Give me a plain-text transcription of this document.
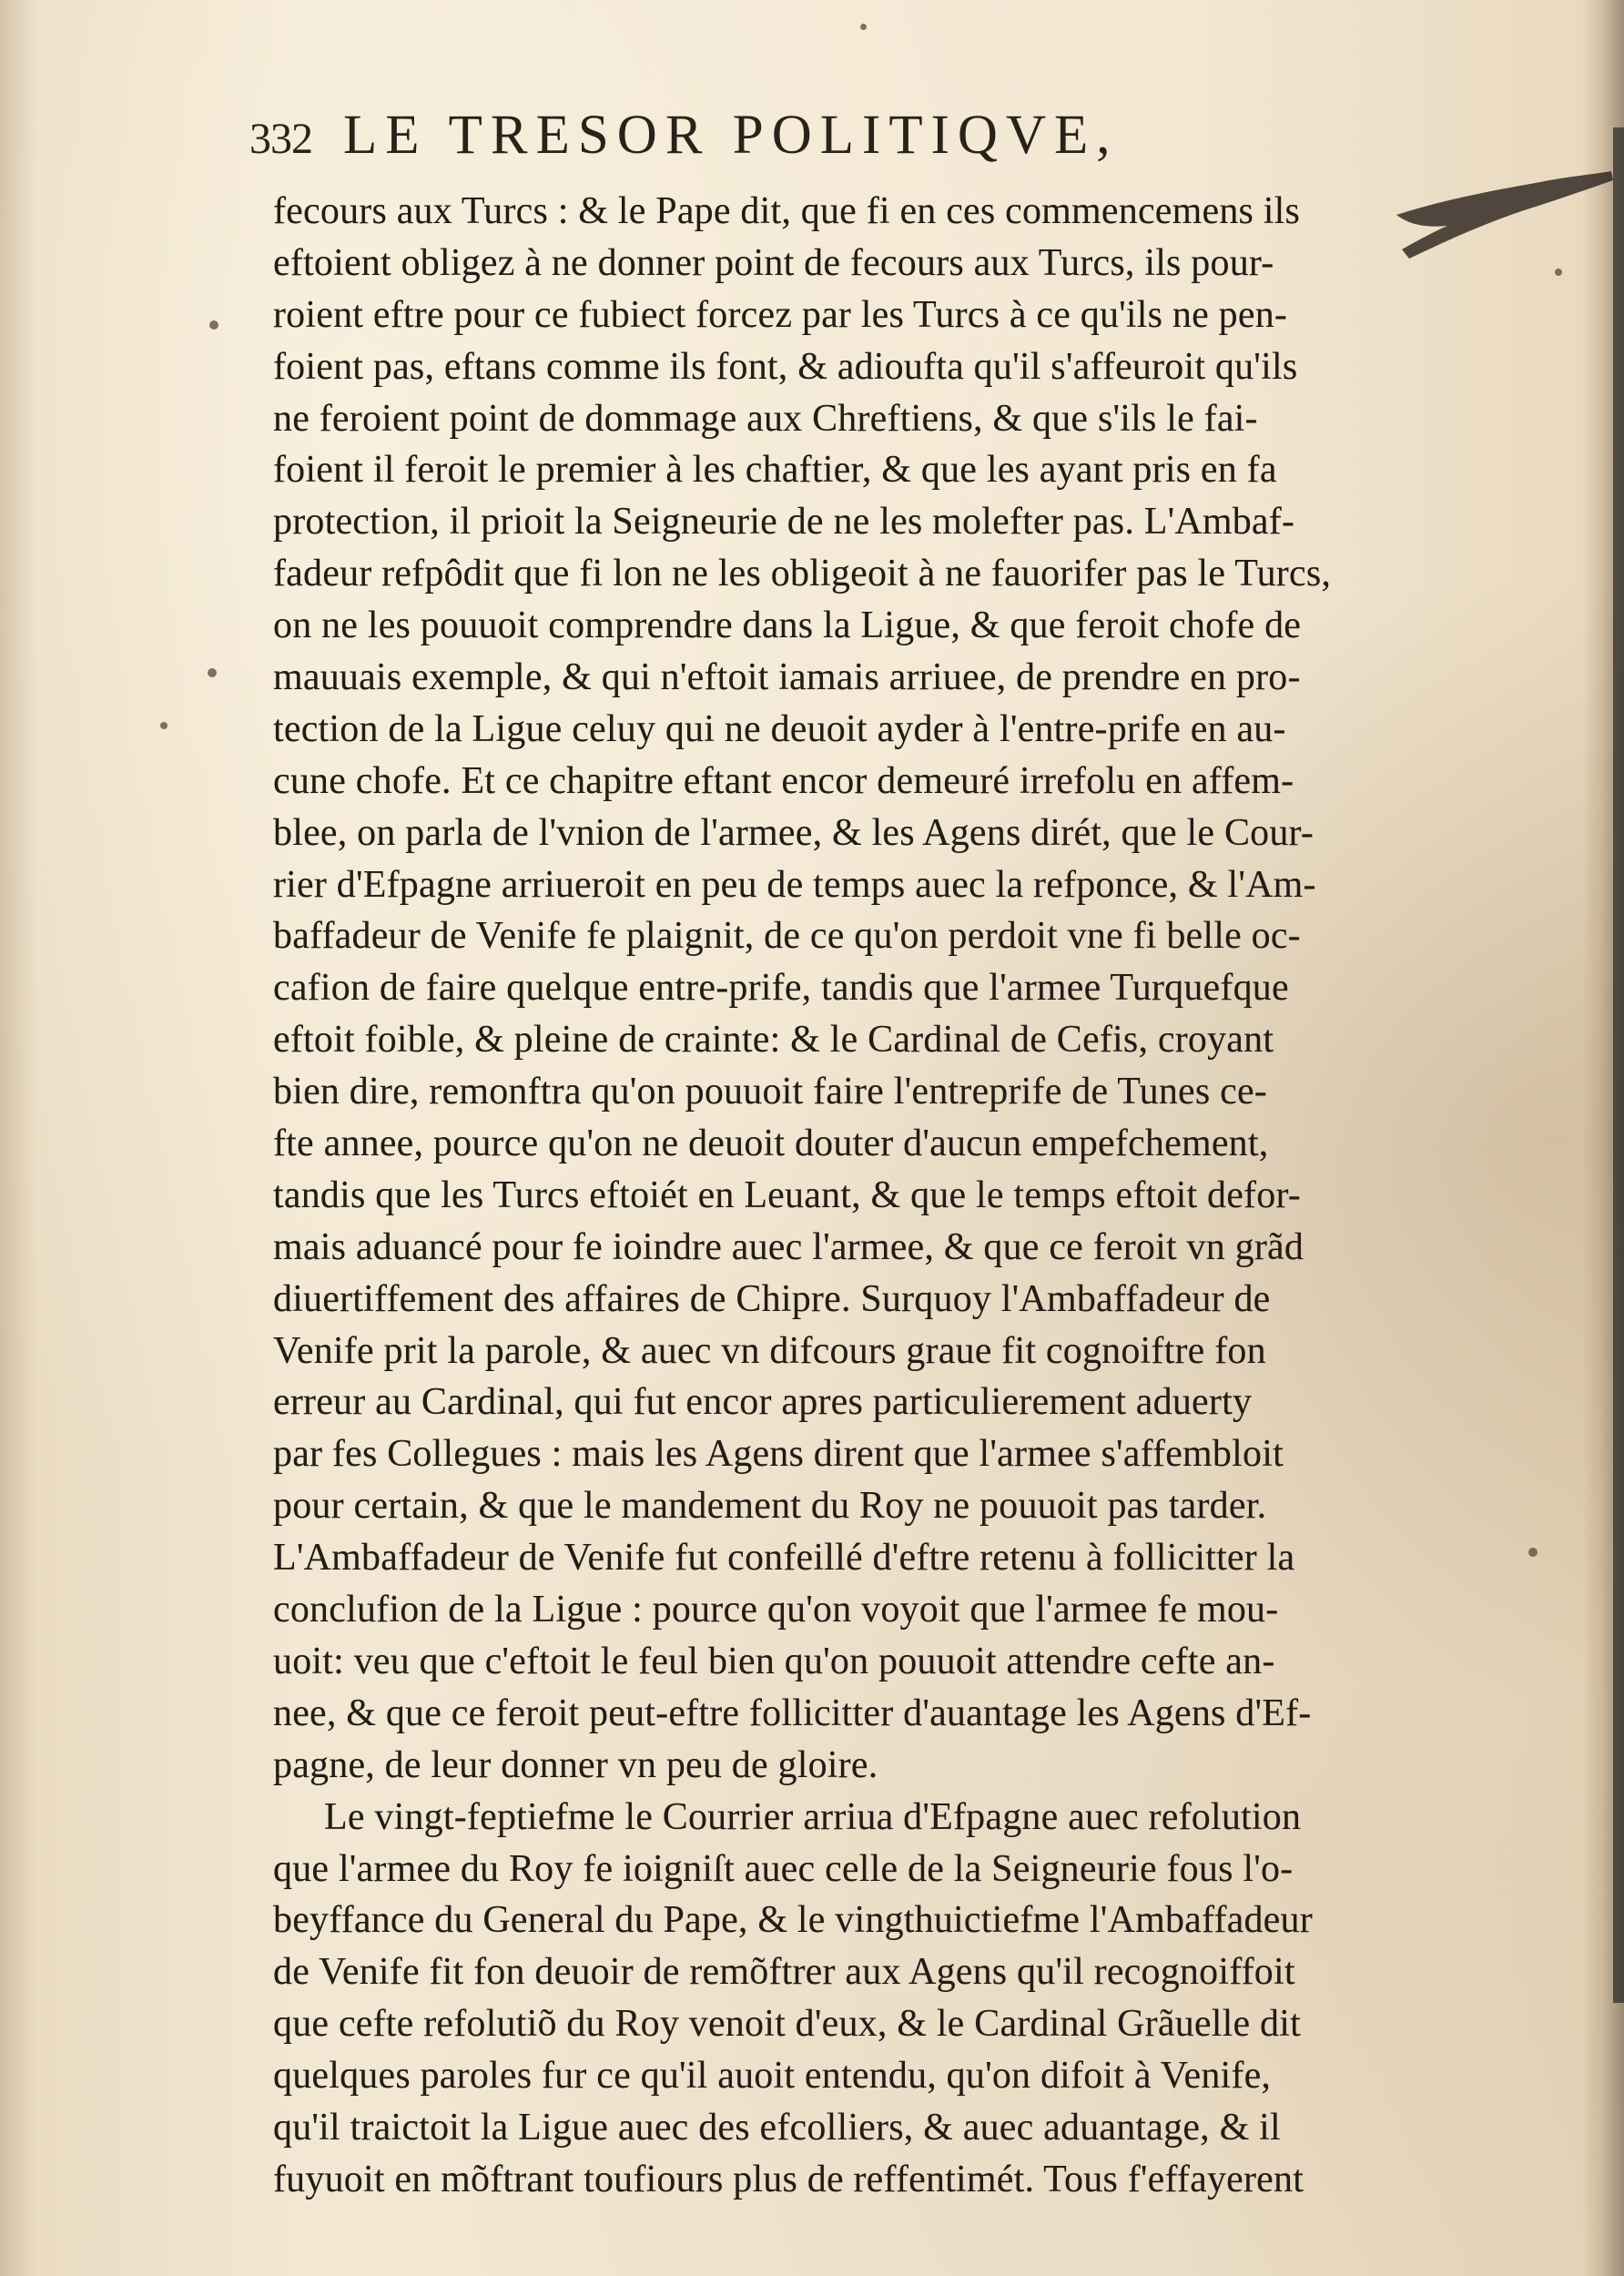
332 LE TRESOR POLITIQVE,
fecours aux Turcs : & le Pape dit, que fi en ces commencemens ils
eftoient obligez à ne donner point de fecours aux Turcs, ils pour-
roient eftre pour ce fubiect forcez par les Turcs à ce qu'ils ne pen-
foient pas, eftans comme ils font, & adioufta qu'il s'affeuroit qu'ils
ne feroient point de dommage aux Chreftiens, & que s'ils le fai-
foient il feroit le premier à les chaftier, & que les ayant pris en fa
protection, il prioit la Seigneurie de ne les molefter pas. L'Ambaf-
fadeur refpôdit que fi lon ne les obligeoit à ne fauorifer pas le Turcs,
on ne les pouuoit comprendre dans la Ligue, & que feroit chofe de
mauuais exemple, & qui n'eftoit iamais arriuee, de prendre en pro-
tection de la Ligue celuy qui ne deuoit ayder à l'entre-prife en au-
cune chofe. Et ce chapitre eftant encor demeuré irrefolu en affem-
blee, on parla de l'vnion de l'armee, & les Agens dirét, que le Cour-
rier d'Efpagne arriueroit en peu de temps auec la refponce, & l'Am-
baffadeur de Venife fe plaignit, de ce qu'on perdoit vne fi belle oc-
cafion de faire quelque entre-prife, tandis que l'armee Turquefque
eftoit foible, & pleine de crainte: & le Cardinal de Cefis, croyant
bien dire, remonftra qu'on pouuoit faire l'entreprife de Tunes ce-
fte annee, pource qu'on ne deuoit douter d'aucun empefchement,
tandis que les Turcs eftoiét en Leuant, & que le temps eftoit defor-
mais aduancé pour fe ioindre auec l'armee, & que ce feroit vn grãd
diuertiffement des affaires de Chipre. Surquoy l'Ambaffadeur de
Venife prit la parole, & auec vn difcours graue fit cognoiftre fon
erreur au Cardinal, qui fut encor apres particulierement aduerty
par fes Collegues : mais les Agens dirent que l'armee s'affembloit
pour certain, & que le mandement du Roy ne pouuoit pas tarder.
L'Ambaffadeur de Venife fut confeillé d'eftre retenu à follicitter la
conclufion de la Ligue : pource qu'on voyoit que l'armee fe mou-
uoit: veu que c'eftoit le feul bien qu'on pouuoit attendre cefte an-
nee, & que ce feroit peut-eftre follicitter d'auantage les Agens d'Ef-
pagne, de leur donner vn peu de gloire.
Le vingt-feptiefme le Courrier arriua d'Efpagne auec refolution
que l'armee du Roy fe ioigniſt auec celle de la Seigneurie fous l'o-
beyffance du General du Pape, & le vingthuictiefme l'Ambaffadeur
de Venife fit fon deuoir de remõftrer aux Agens qu'il recognoiffoit
que cefte refolutiõ du Roy venoit d'eux, & le Cardinal Grãuelle dit
quelques paroles fur ce qu'il auoit entendu, qu'on difoit à Venife,
qu'il traictoit la Ligue auec des efcolliers, & auec aduantage, & il
fuyuoit en mõftrant toufiours plus de reffentimét. Tous f'effayerent
